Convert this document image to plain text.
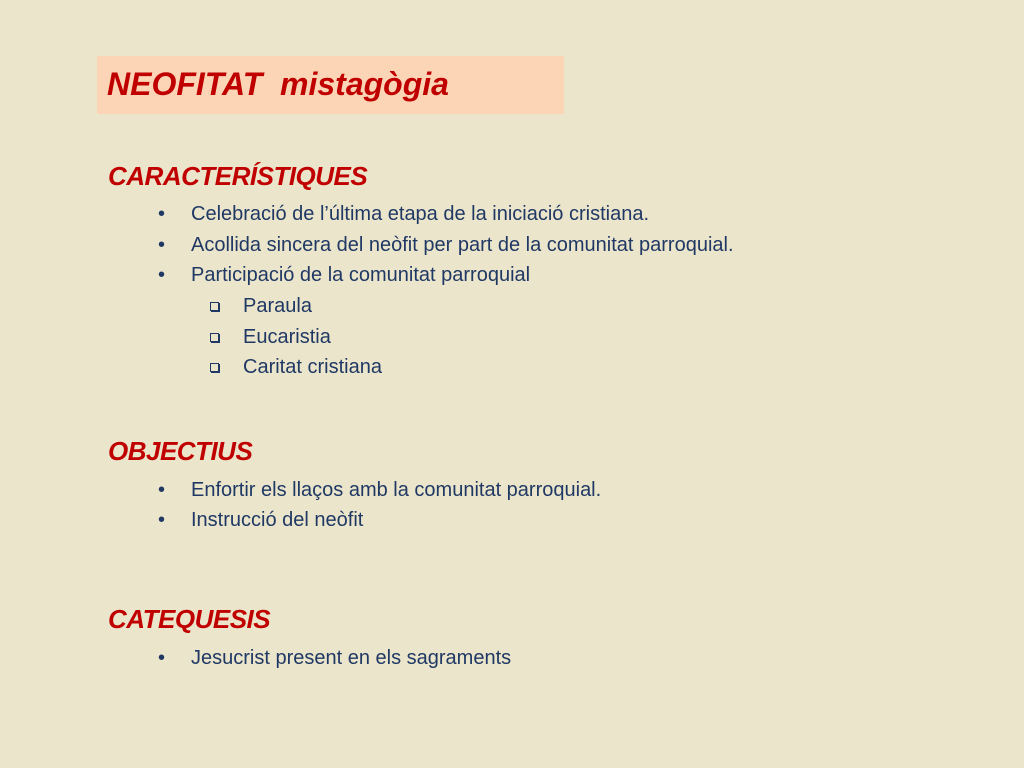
NEOFITAT  mistagògia
CARACTERÍSTIQUES
•	Celebració de l’última etapa de la iniciació cristiana.
•	Acollida sincera del neòfit per part de la comunitat parroquial.
•	Participació de la comunitat parroquial
Paraula
Eucaristia
Caritat cristiana
OBJECTIUS
•	Enfortir els llaços amb la comunitat parroquial.
•	Instrucció del neòfit
CATEQUESIS
•	Jesucrist present en els sagraments
